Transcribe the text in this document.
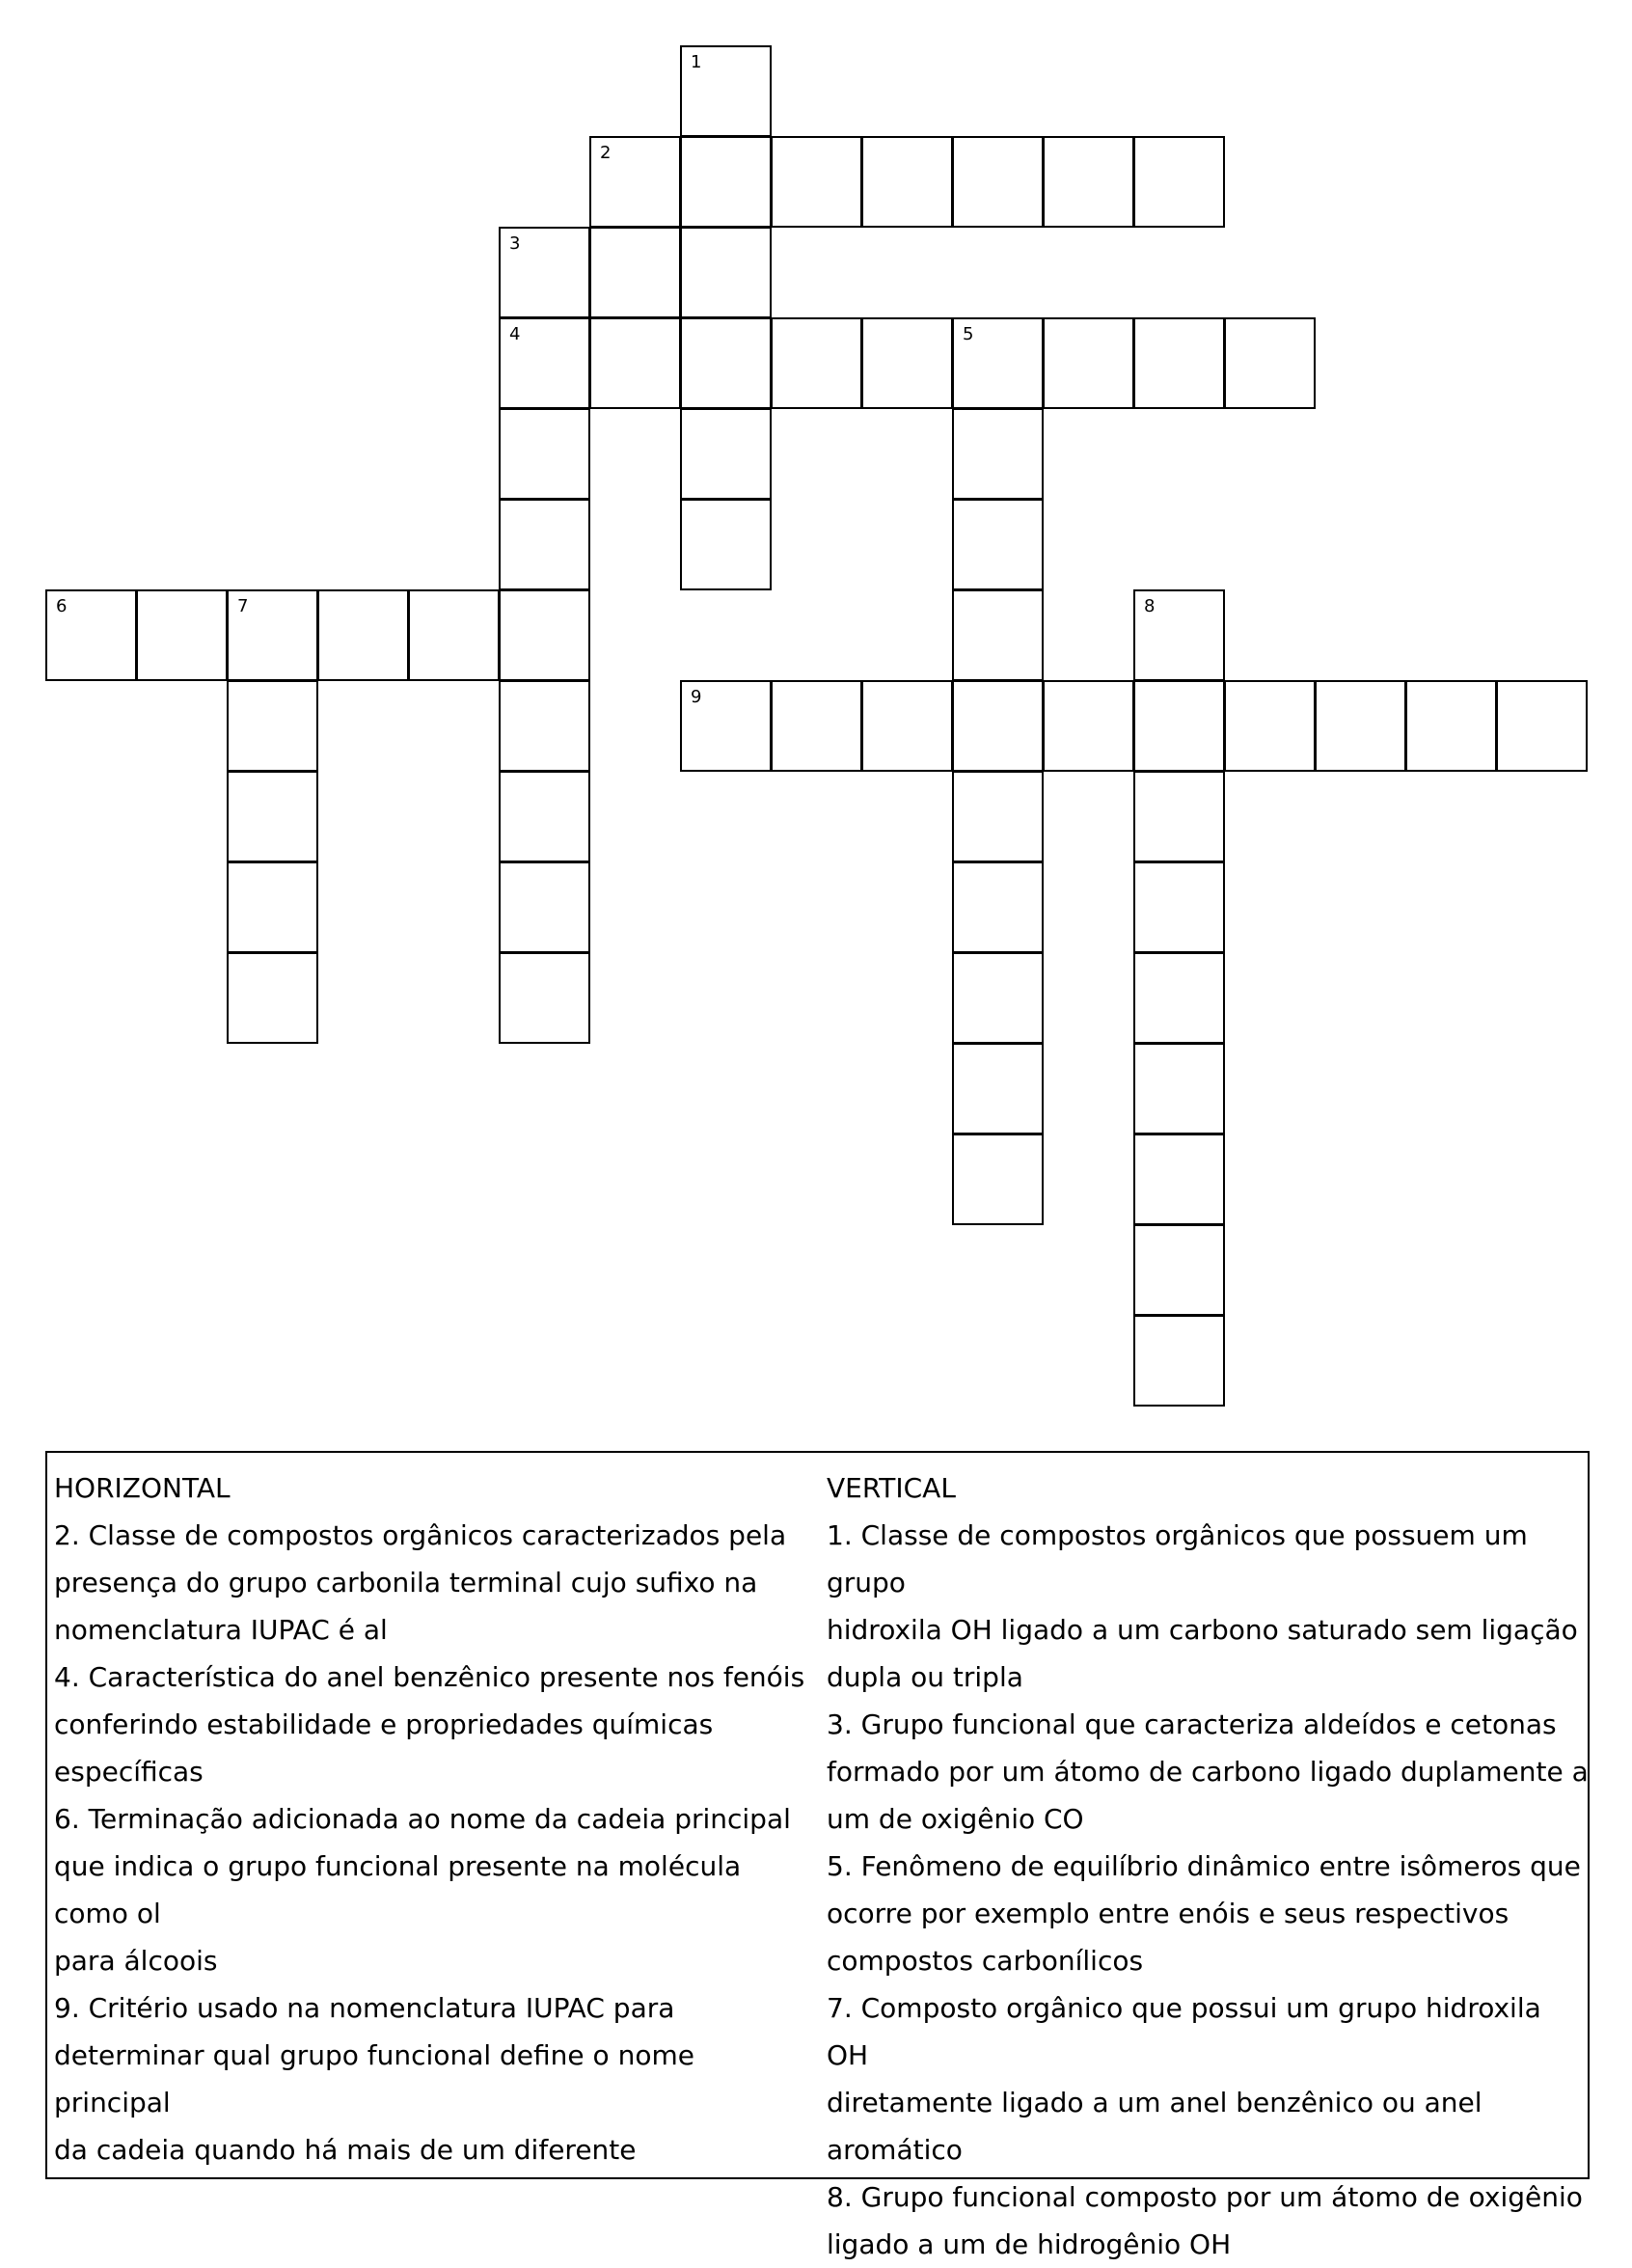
1
2
3
4	5
6	7	8
9
HORIZONTAL
2. Classe de compostos orgânicos caracterizados pela
presença do grupo carbonila terminal cujo sufixo na
nomenclatura IUPAC é al
4. Característica do anel benzênico presente nos fenóis
conferindo estabilidade e propriedades químicas
específicas
6. Terminação adicionada ao nome da cadeia principal
que indica o grupo funcional presente na molécula como ol
para álcoois
9. Critério usado na nomenclatura IUPAC para
determinar qual grupo funcional define o nome principal
da cadeia quando há mais de um diferente
VERTICAL
1. Classe de compostos orgânicos que possuem um grupo
hidroxila OH ligado a um carbono saturado sem ligação
dupla ou tripla
3. Grupo funcional que caracteriza aldeídos e cetonas
formado por um átomo de carbono ligado duplamente a
um de oxigênio CO
5. Fenômeno de equilíbrio dinâmico entre isômeros que
ocorre por exemplo entre enóis e seus respectivos
compostos carbonílicos
7. Composto orgânico que possui um grupo hidroxila OH
diretamente ligado a um anel benzênico ou anel aromático
8. Grupo funcional composto por um átomo de oxigênio
ligado a um de hidrogênio OH
